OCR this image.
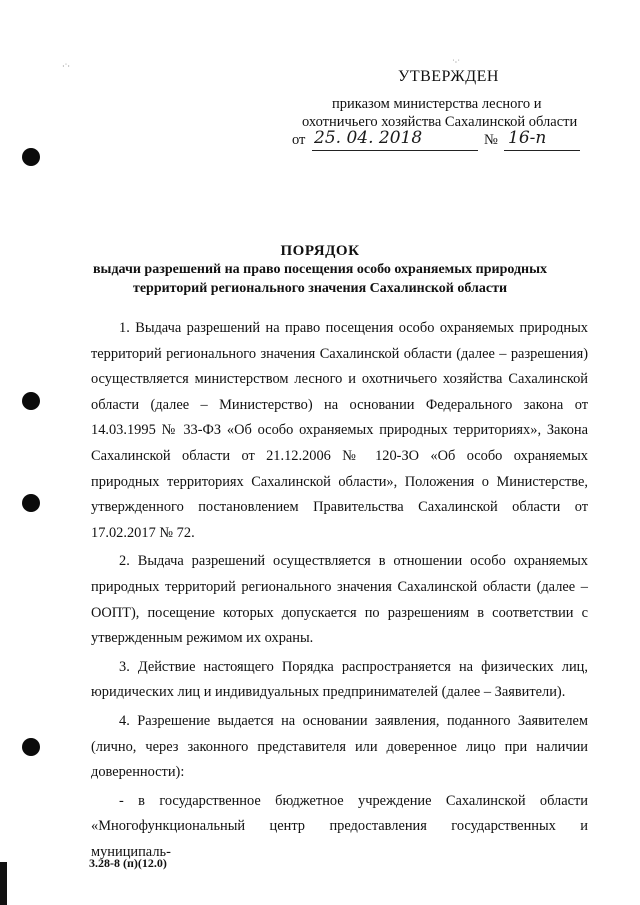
·˙·	˙·˙
УТВЕРЖДЕН
приказом министерства лесного и
охотничьего хозяйства Сахалинской области
от 25. 04. 2018	№ 16-п
ПОРЯДОК
выдачи разрешений на право посещения особо охраняемых природных
территорий регионального значения Сахалинской области

1. Выдача разрешений на право посещения особо охраняемых природных территорий регионального значения Сахалинской области (далее – разрешения) осуществляется министерством лесного и охотничьего хозяйства Сахалинской области (далее – Министерство) на основании Федерального закона от 14.03.1995 № 33-ФЗ «Об особо охраняемых природных территориях», Закона Сахалинской области от 21.12.2006 № 120-ЗО «Об особо охраняемых природных территориях Сахалинской области», Положения о Министерстве, утвержденного постановлением Правительства Сахалинской области от 17.02.2017 № 72.

2. Выдача разрешений осуществляется в отношении особо охраняемых природных территорий регионального значения Сахалинской области (далее – ООПТ), посещение которых допускается по разрешениям в соответствии с утвержденным режимом их охраны.

3. Действие настоящего Порядка распространяется на физических лиц, юридических лиц и индивидуальных предпринимателей (далее – Заявители).

4. Разрешение выдается на основании заявления, поданного Заявителем (лично, через законного представителя или доверенное лицо при наличии доверенности):

- в государственное бюджетное учреждение Сахалинской области «Многофункциональный центр предоставления государственных и муниципаль-

3.28-8 (п)(12.0)
